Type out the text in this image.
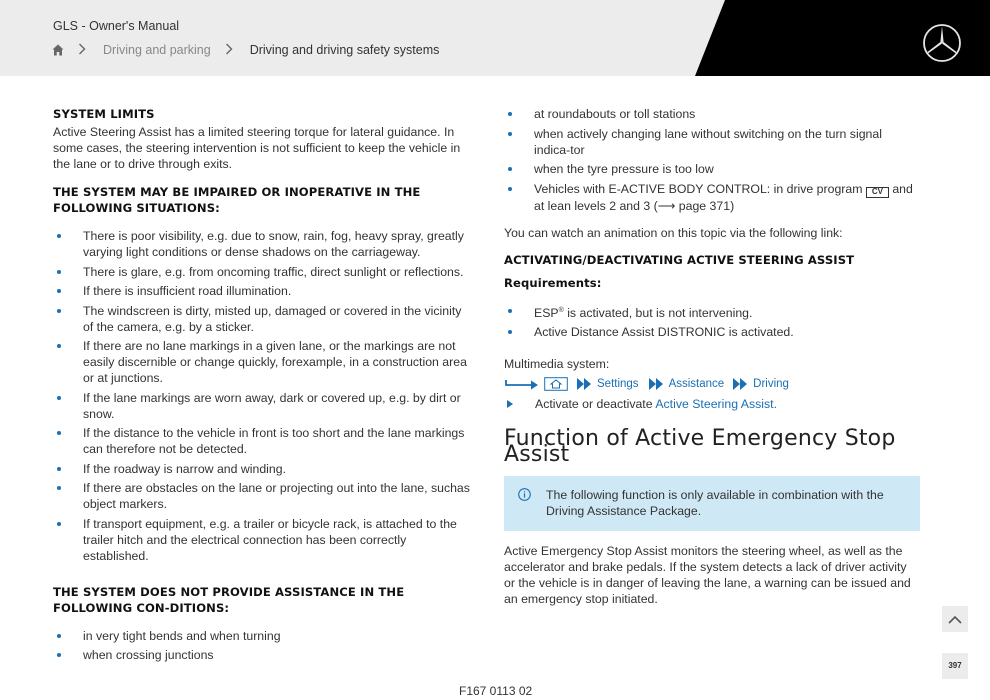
GLS - Owner's Manual
Driving and parking	Driving and driving safety systems
SYSTEM LIMITS
Active Steering Assist has a limited steering torque for lateral guidance. In some cases, the steering intervention is not sufficient to keep the vehicle in the lane or to drive through exits.
THE SYSTEM MAY BE IMPAIRED OR INOPERATIVE IN THE FOLLOWING SITUATIONS:
There is poor visibility, e.g. due to snow, rain, fog, heavy spray, greatly varying light conditions or dense shadows on the carriageway.
There is glare, e.g. from oncoming traffic, direct sunlight or reflections.
If there is insufficient road illumination.
The windscreen is dirty, misted up, damaged or covered in the vicinity of the camera, e.g. by a sticker.
If there are no lane markings in a given lane, or the markings are not easily discernible or change quickly, forexample, in a construction area or at junctions.
If the lane markings are worn away, dark or covered up, e.g. by dirt or snow.
If the distance to the vehicle in front is too short and the lane markings can therefore not be detected.
If the roadway is narrow and winding.
If there are obstacles on the lane or projecting out into the lane, suchas object markers.
If transport equipment, e.g. a trailer or bicycle rack, is attached to the trailer hitch and the electrical connection has been correctly established.
THE SYSTEM DOES NOT PROVIDE ASSISTANCE IN THE FOLLOWING CON-DITIONS:
in very tight bends and when turning
when crossing junctions
at roundabouts or toll stations
when actively changing lane without switching on the turn signal indica-tor
when the tyre pressure is too low
Vehicles with E-ACTIVE BODY CONTROL: in drive program CV and at lean levels 2 and 3 (⟶ page 371)
You can watch an animation on this topic via the following link:
ACTIVATING/DEACTIVATING ACTIVE STEERING ASSIST
Requirements:
ESP® is activated, but is not intervening.
Active Distance Assist DISTRONIC is activated.
Multimedia system:
Settings	Assistance	Driving
Activate or deactivate Active Steering Assist.
Function of Active Emergency Stop Assist
The following function is only available in combination with the Driving Assistance Package.
Active Emergency Stop Assist monitors the steering wheel, as well as the accelerator and brake pedals. If the system detects a lack of driver activity or the vehicle is in danger of leaving the lane, a warning can be issued and an emergency stop initiated.
397
F167 0113 02
